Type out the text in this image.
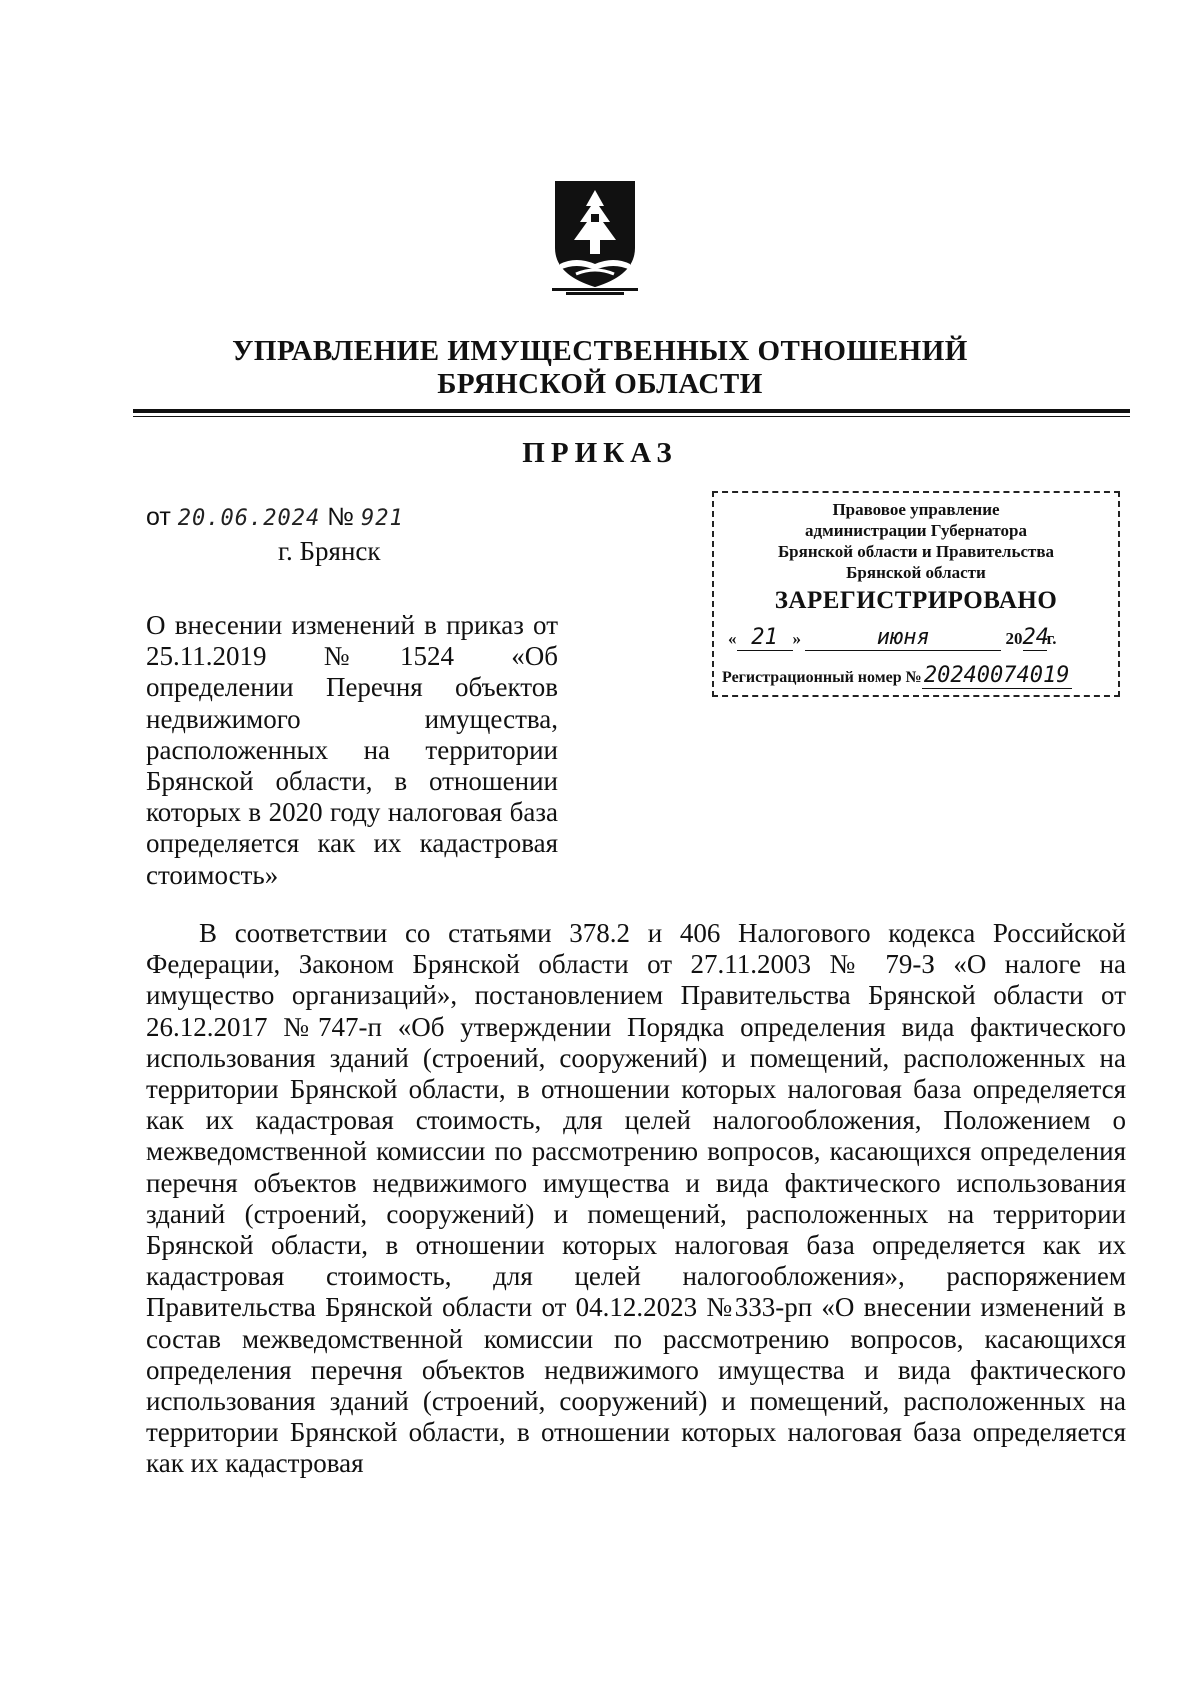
УПРАВЛЕНИЕ ИМУЩЕСТВЕННЫХ ОТНОШЕНИЙ
БРЯНСКОЙ ОБЛАСТИ
ПРИКАЗ
от 20.06.2024 № 921
г. Брянск
Правовое управление
администрации Губернатора
Брянской области и Правительства
Брянской области
ЗАРЕГИСТРИРОВАНО
« 21 »	июня	2024г.
Регистрационный номер №20240074019
О внесении изменений в приказ от 25.11.2019 №1524 «Об определении Перечня объектов недвижимого имущества, расположенных на территории Брянской области, в отношении которых в 2020 году налоговая база определяется как их кадастровая стоимость»
В соответствии со статьями 378.2 и 406 Налогового кодекса Российской Федерации, Законом Брянской области от 27.11.2003 № 79-З «О налоге на имущество организаций», постановлением Правительства Брянской области от 26.12.2017 №747-п «Об утверждении Порядка определения вида фактического использования зданий (строений, сооружений) и помещений, расположенных на территории Брянской области, в отношении которых налоговая база определяется как их кадастровая стоимость, для целей налогообложения, Положением о межведомственной комиссии по рассмотрению вопросов, касающихся определения перечня объектов недвижимого имущества и вида фактического использования зданий (строений, сооружений) и помещений, расположенных на территории Брянской области, в отношении которых налоговая база определяется как их кадастровая стоимость, для целей налогообложения», распоряжением Правительства Брянской области от 04.12.2023 №333-рп «О внесении изменений в состав межведомственной комиссии по рассмотрению вопросов, касающихся определения перечня объектов недвижимого имущества и вида фактического использования зданий (строений, сооружений) и помещений, расположенных на территории Брянской области, в отношении которых налоговая база определяется как их кадастровая
